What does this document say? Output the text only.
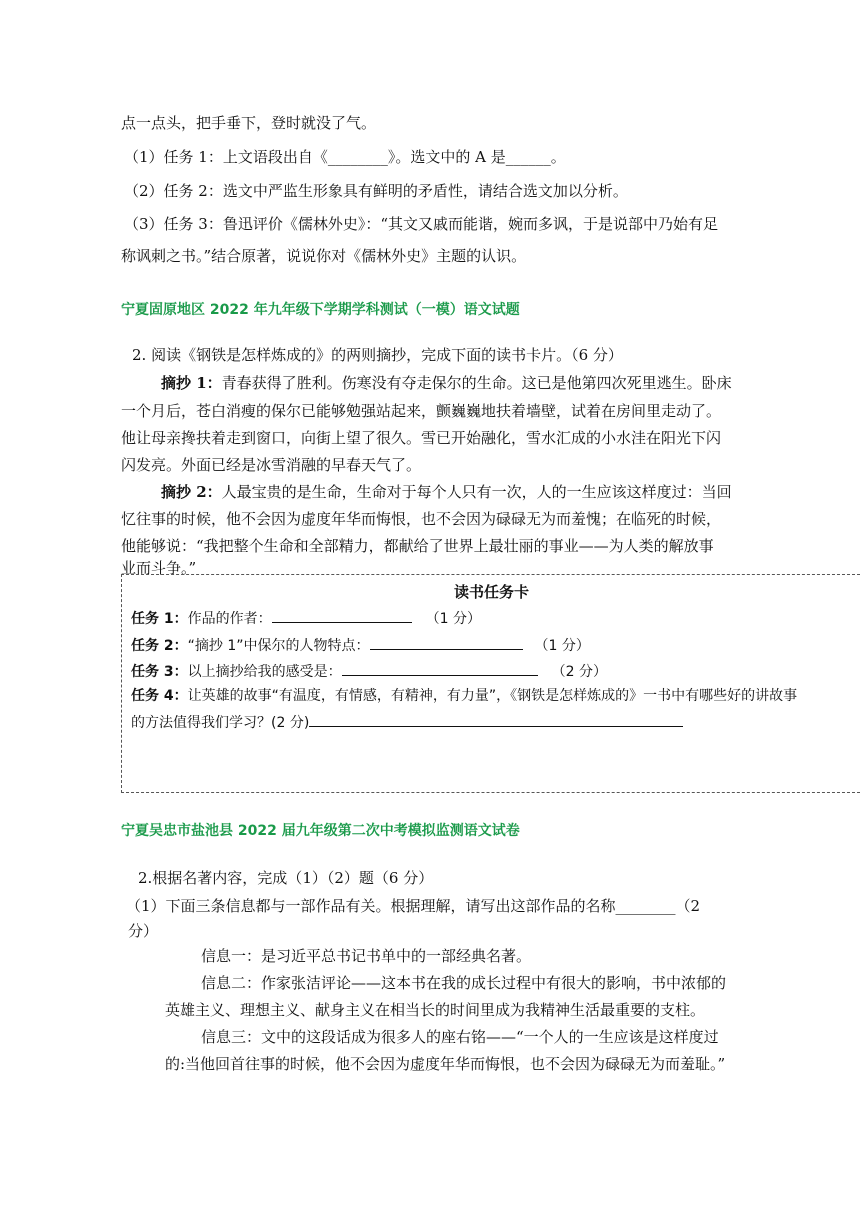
点一点头，把手垂下，登时就没了气。
（1）任务 1：上文语段出自《________》。选文中的 A 是______。
（2）任务 2：选文中严监生形象具有鲜明的矛盾性，请结合选文加以分析。
（3）任务 3：鲁迅评价《儒林外史》：“其文又戚而能谐，婉而多讽，于是说部中乃始有足
称讽刺之书。”结合原著，说说你对《儒林外史》主题的认识。
宁夏固原地区 2022 年九年级下学期学科测试（一模）语文试题
2. 阅读《钢铁是怎样炼成的》的两则摘抄，完成下面的读书卡片。（6 分）
摘抄 1：青春获得了胜利。伤寒没有夺走保尔的生命。这已是他第四次死里逃生。卧床
一个月后，苍白消瘦的保尔已能够勉强站起来，颤巍巍地扶着墙壁，试着在房间里走动了。
他让母亲搀扶着走到窗口，向街上望了很久。雪已开始融化，雪水汇成的小水洼在阳光下闪
闪发亮。外面已经是冰雪消融的早春天气了。
摘抄 2：人最宝贵的是生命，生命对于每个人只有一次，人的一生应该这样度过：当回
忆往事的时候，他不会因为虚度年华而悔恨，也不会因为碌碌无为而羞愧；在临死的时候，
他能够说：“我把整个生命和全部精力，都献给了世界上最壮丽的事业——为人类的解放事
业而斗争。”
读书任务卡
任务 1：作品的作者：	（1 分）
任务 2：“摘抄 1”中保尔的人物特点：	（1 分）
任务 3：以上摘抄给我的感受是：	（2 分）
任务 4：让英雄的故事“有温度，有情感，有精神，有力量”，《钢铁是怎样炼成的》一书中有哪些好的讲故事
的方法值得我们学习？(2 分)
宁夏吴忠市盐池县 2022 届九年级第二次中考模拟监测语文试卷
2.根据名著内容，完成（1）（2）题（6 分）
（1）下面三条信息都与一部作品有关。根据理解，请写出这部作品的名称________（2
分）
信息一：是习近平总书记书单中的一部经典名著。
信息二：作家张洁评论——这本书在我的成长过程中有很大的影响，书中浓郁的
英雄主义、理想主义、献身主义在相当长的时间里成为我精神生活最重要的支柱。
信息三：文中的这段话成为很多人的座右铭——“一个人的一生应该是这样度过
的:当他回首往事的时候，他不会因为虚度年华而悔恨，也不会因为碌碌无为而羞耻。”
